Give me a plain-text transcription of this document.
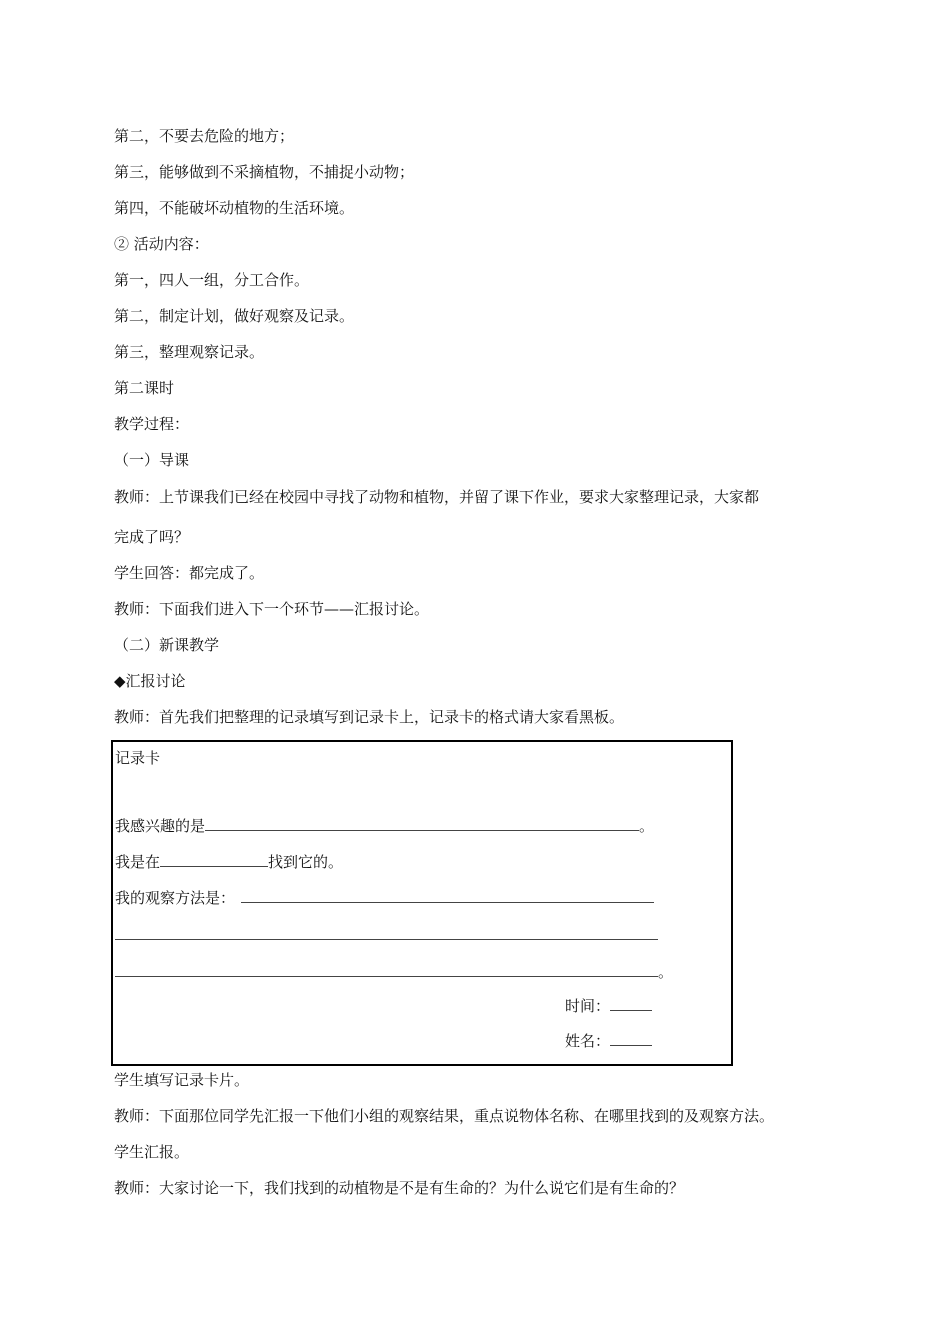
第二，不要去危险的地方；

第三，能够做到不采摘植物，不捕捉小动物；

第四，不能破坏动植物的生活环境。

② 活动内容：

第一，四人一组，分工合作。

第二，制定计划，做好观察及记录。

第三，整理观察记录。

第二课时

教学过程：

（一）导课

教师：上节课我们已经在校园中寻找了动物和植物，并留了课下作业，要求大家整理记录，大家都

完成了吗？

学生回答：都完成了。

教师：下面我们进入下一个环节——汇报讨论。

（二）新课教学

◆汇报讨论

教师：首先我们把整理的记录填写到记录卡上，记录卡的格式请大家看黑板。

记录卡
我感兴趣的是	。
我是在	找到它的。
我的观察方法是：
。
时间：
姓名：

学生填写记录卡片。

教师：下面那位同学先汇报一下他们小组的观察结果，重点说物体名称、在哪里找到的及观察方法。

学生汇报。

教师：大家讨论一下，我们找到的动植物是不是有生命的？为什么说它们是有生命的？
